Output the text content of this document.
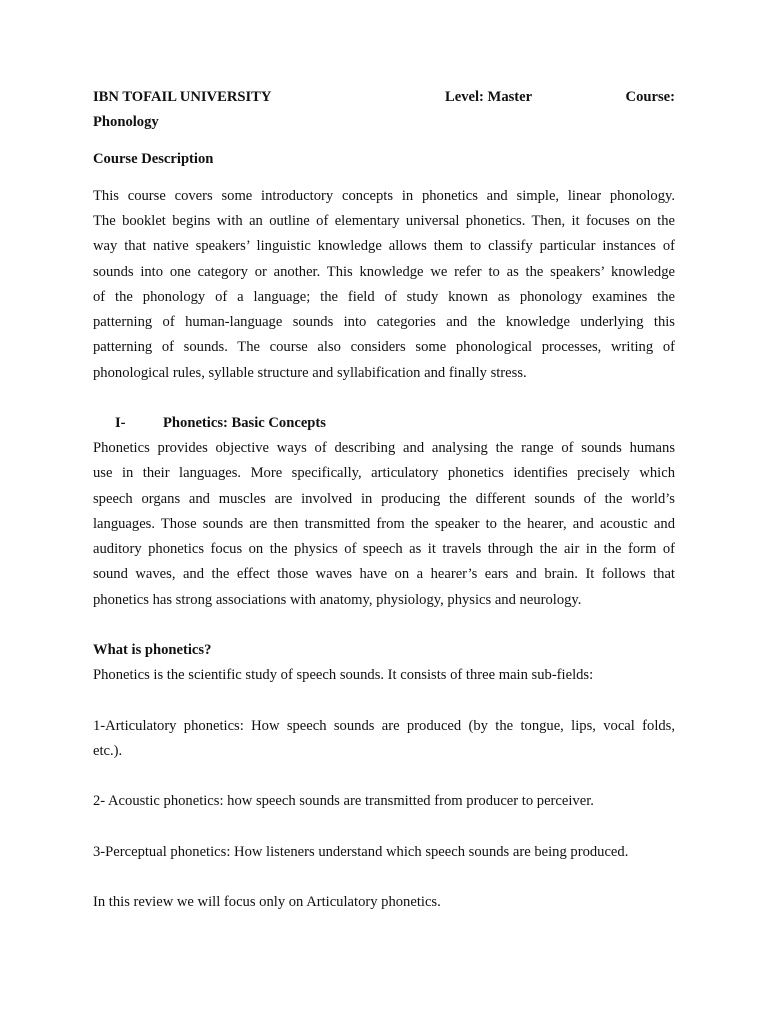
IBN TOFAIL UNIVERSITY	Level: Master	Course:
Phonology
Course Description
This course covers some introductory concepts in phonetics and simple, linear phonology.
The booklet begins with an outline of elementary universal phonetics. Then, it focuses on the
way that native speakers’ linguistic knowledge allows them to classify particular instances of
sounds into one category or another. This knowledge we refer to as the speakers’ knowledge
of the phonology of a language; the field of study known as phonology examines the
patterning of human-language sounds into categories and the knowledge underlying this
patterning of sounds. The course also considers some phonological processes, writing of
phonological rules, syllable structure and syllabification and finally stress.
I-	Phonetics: Basic Concepts
Phonetics provides objective ways of describing and analysing the range of sounds humans
use in their languages. More specifically, articulatory phonetics identifies precisely which
speech organs and muscles are involved in producing the different sounds of the world’s
languages. Those sounds are then transmitted from the speaker to the hearer, and acoustic and
auditory phonetics focus on the physics of speech as it travels through the air in the form of
sound waves, and the effect those waves have on a hearer’s ears and brain. It follows that
phonetics has strong associations with anatomy, physiology, physics and neurology.
What is phonetics?
Phonetics is the scientific study of speech sounds. It consists of three main sub-fields:
1-Articulatory phonetics: How speech sounds are produced (by the tongue, lips, vocal folds,
etc.).
2- Acoustic phonetics: how speech sounds are transmitted from producer to perceiver.
3-Perceptual phonetics: How listeners understand which speech sounds are being produced.
In this review we will focus only on Articulatory phonetics.
